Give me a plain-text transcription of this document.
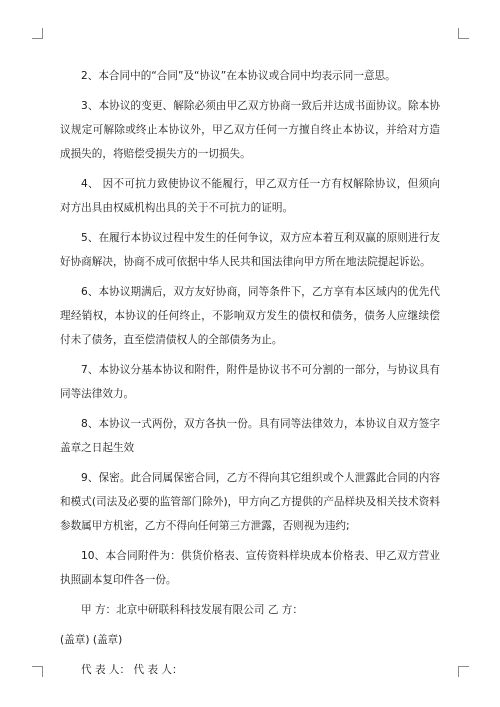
2、本合同中的“合同”及“协议”在本协议或合同中均表示同一意思。

3、本协议的变更、解除必须由甲乙双方协商一致后并达成书面协议。除本协议规定可解除或终止本协议外，甲乙双方任何一方擅自终止本协议，并给对方造成损失的，将赔偿受损失方的一切损失。

4、 因不可抗力致使协议不能履行，甲乙双方任一方有权解除协议，但须向对方出具由权威机构出具的关于不可抗力的证明。

5、在履行本协议过程中发生的任何争议，双方应本着互利双赢的原则进行友好协商解决，协商不成可依据中华人民共和国法律向甲方所在地法院提起诉讼。

6、本协议期满后，双方友好协商，同等条件下，乙方享有本区域内的优先代理经销权，本协议的任何终止，不影响双方发生的债权和债务，债务人应继续偿付未了债务，直至偿清债权人的全部债务为止。

7、本协议分基本协议和附件，附件是协议书不可分割的一部分，与协议具有同等法律效力。

8、本协议一式两份，双方各执一份。具有同等法律效力，本协议自双方签字盖章之日起生效

9、保密。此合同属保密合同，乙方不得向其它组织或个人泄露此合同的内容和模式(司法及必要的监管部门除外)，甲方向乙方提供的产品样块及相关技术资料参数属甲方机密，乙方不得向任何第三方泄露，否则视为违约;

10、本合同附件为：供货价格表、宣传资料样块成本价格表、甲乙双方营业执照副本复印件各一份。

甲 方：北京中研联科科技发展有限公司 乙 方：

(盖章) (盖章)

代 表 人： 代 表 人：
